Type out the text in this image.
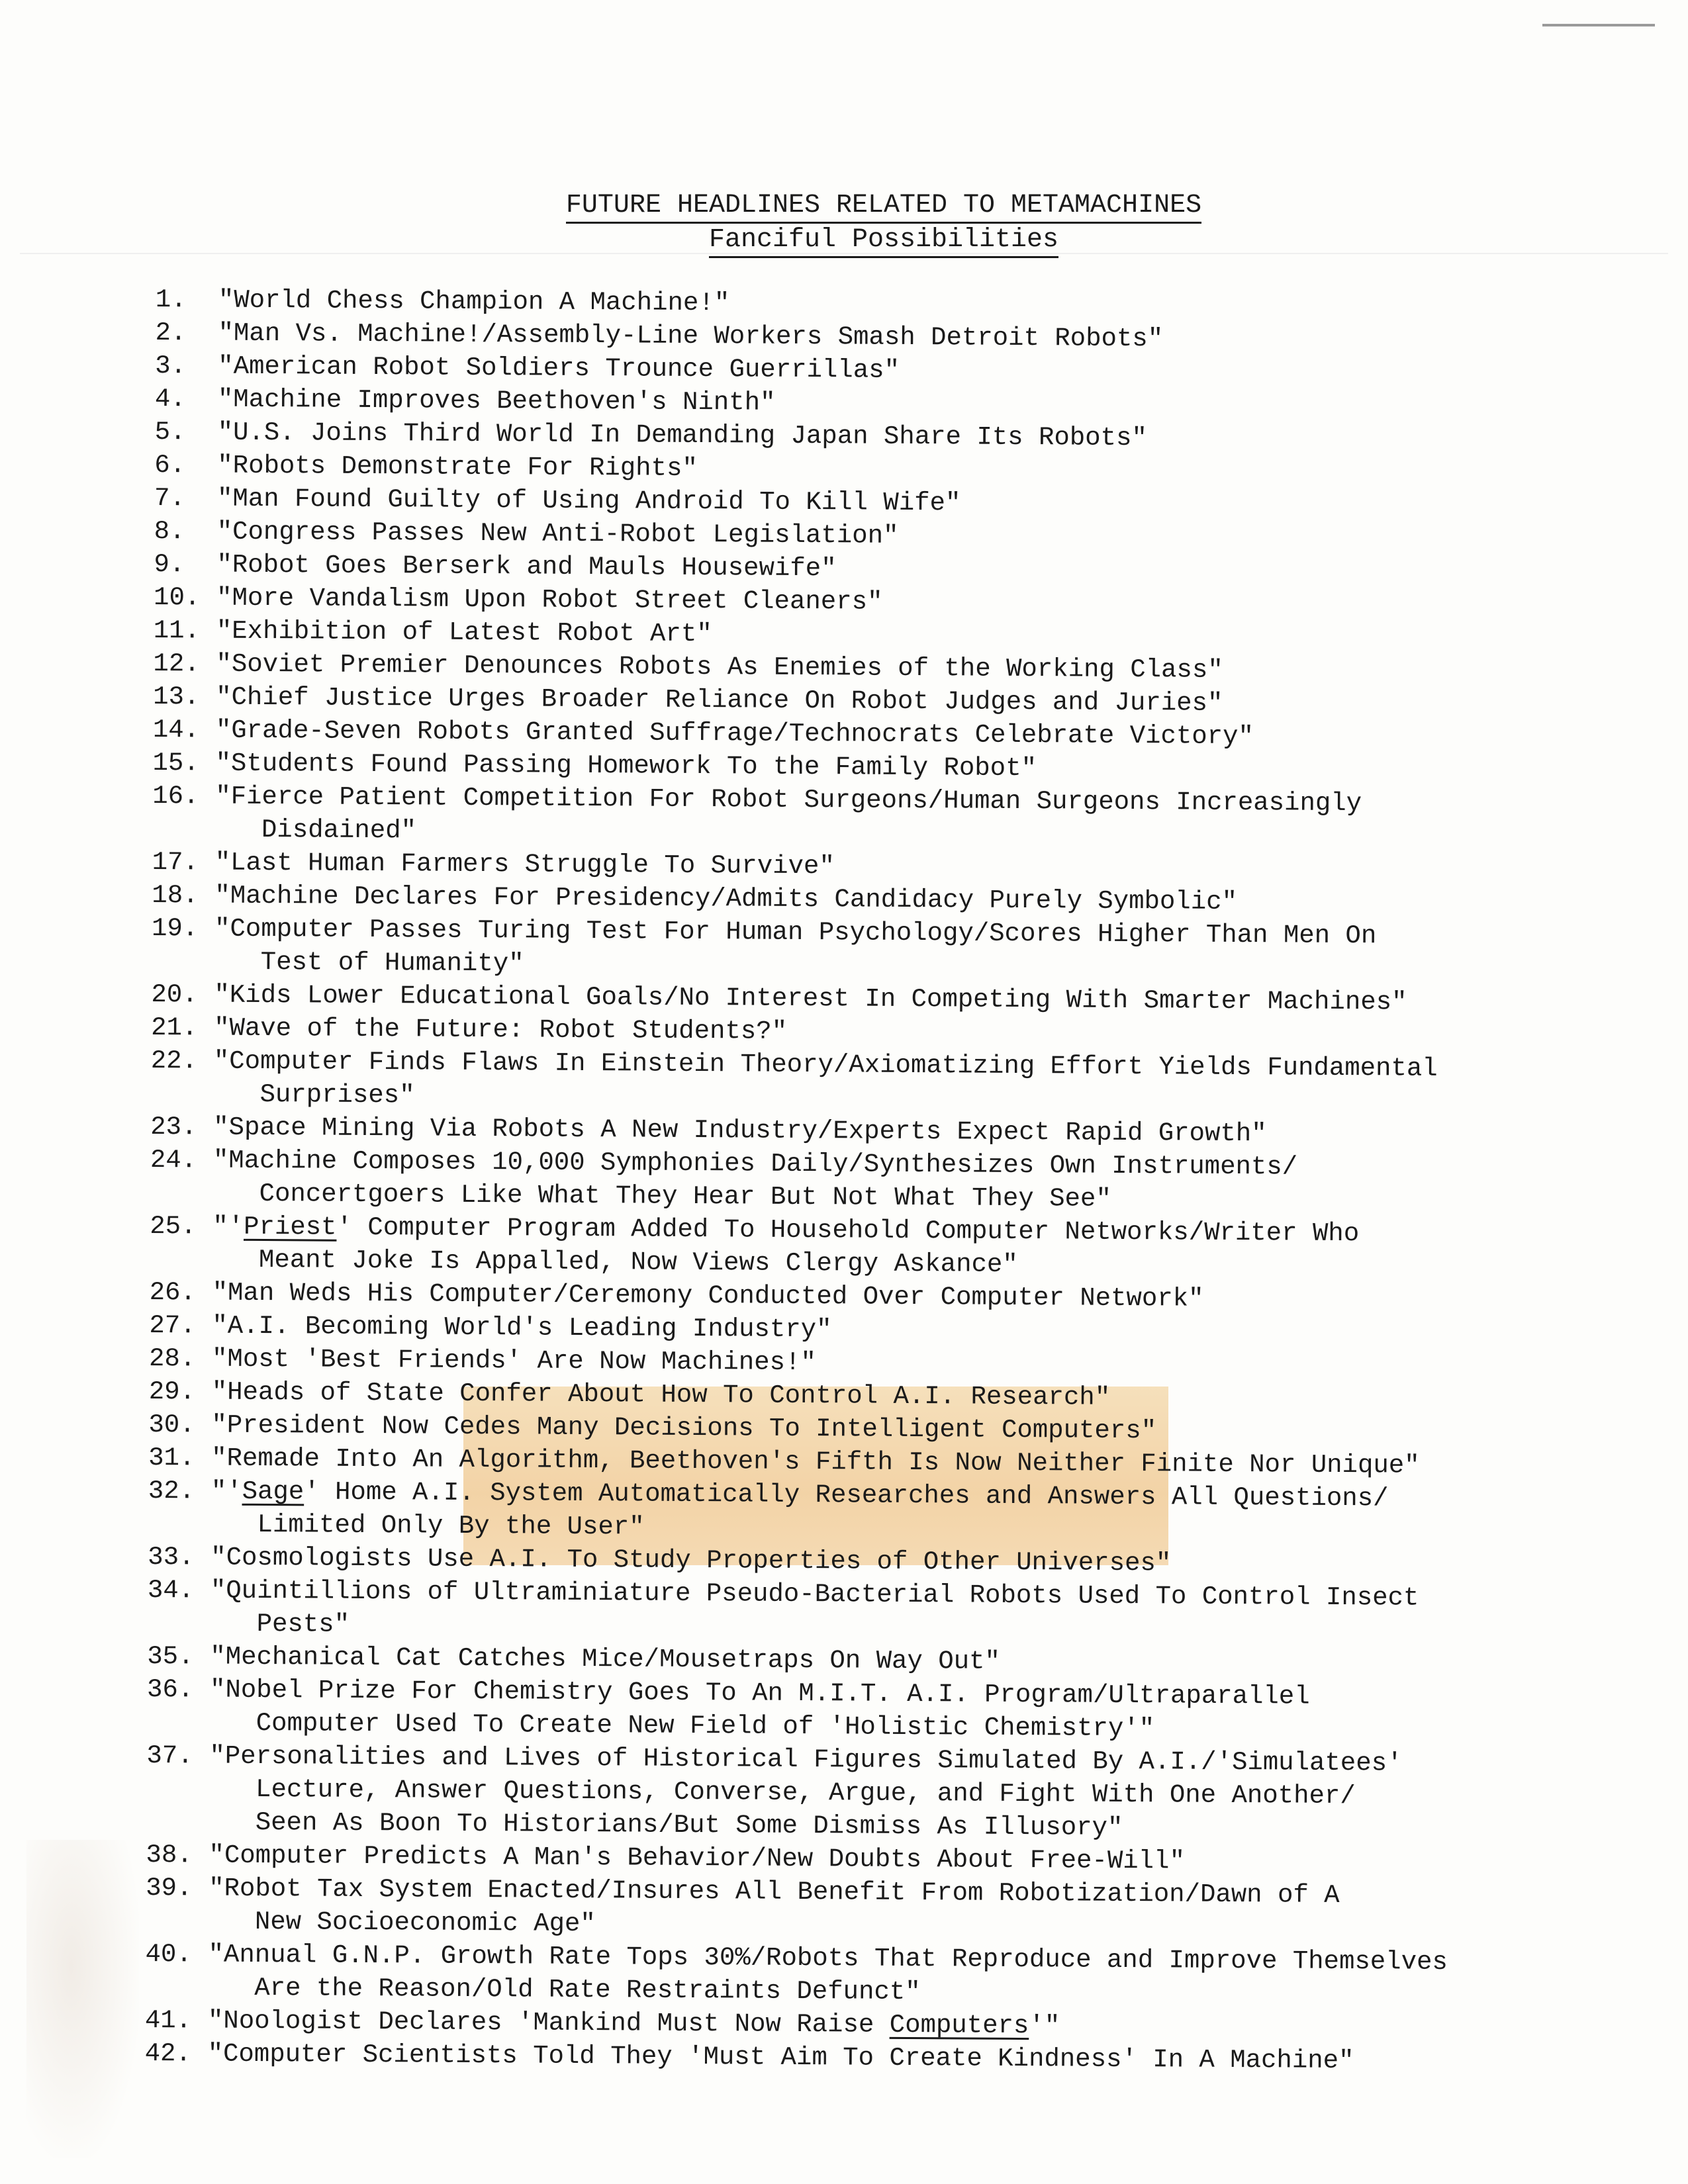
FUTURE HEADLINES RELATED TO METAMACHINES
Fanciful Possibilities
1.	"World Chess Champion A Machine!"
2.	"Man Vs. Machine!/Assembly-Line Workers Smash Detroit Robots"
3.	"American Robot Soldiers Trounce Guerrillas"
4.	"Machine Improves Beethoven's Ninth"
5.	"U.S. Joins Third World In Demanding Japan Share Its Robots"
6.	"Robots Demonstrate For Rights"
7.	"Man Found Guilty of Using Android To Kill Wife"
8.	"Congress Passes New Anti-Robot Legislation"
9.	"Robot Goes Berserk and Mauls Housewife"
10. "More Vandalism Upon Robot Street Cleaners"
11. "Exhibition of Latest Robot Art"
12. "Soviet Premier Denounces Robots As Enemies of the Working Class"
13. "Chief Justice Urges Broader Reliance On Robot Judges and Juries"
14. "Grade-Seven Robots Granted Suffrage/Technocrats Celebrate Victory"
15. "Students Found Passing Homework To the Family Robot"
16. "Fierce Patient Competition For Robot Surgeons/Human Surgeons Increasingly
Disdained"
17. "Last Human Farmers Struggle To Survive"
18. "Machine Declares For Presidency/Admits Candidacy Purely Symbolic"
19. "Computer Passes Turing Test For Human Psychology/Scores Higher Than Men On
Test of Humanity"
20. "Kids Lower Educational Goals/No Interest In Competing With Smarter Machines"
21. "Wave of the Future: Robot Students?"
22. "Computer Finds Flaws In Einstein Theory/Axiomatizing Effort Yields Fundamental
Surprises"
23. "Space Mining Via Robots A New Industry/Experts Expect Rapid Growth"
24. "Machine Composes 10,000 Symphonies Daily/Synthesizes Own Instruments/
Concertgoers Like What They Hear But Not What They See"
25. "'Priest' Computer Program Added To Household Computer Networks/Writer Who
Meant Joke Is Appalled, Now Views Clergy Askance"
26. "Man Weds His Computer/Ceremony Conducted Over Computer Network"
27. "A.I. Becoming World's Leading Industry"
28. "Most 'Best Friends' Are Now Machines!"
29. "Heads of State Confer About How To Control A.I. Research"
30. "President Now Cedes Many Decisions To Intelligent Computers"
31. "Remade Into An Algorithm, Beethoven's Fifth Is Now Neither Finite Nor Unique"
32. "'Sage' Home A.I. System Automatically Researches and Answers All Questions/
Limited Only By the User"
33. "Cosmologists Use A.I. To Study Properties of Other Universes"
34. "Quintillions of Ultraminiature Pseudo-Bacterial Robots Used To Control Insect
Pests"
35. "Mechanical Cat Catches Mice/Mousetraps On Way Out"
36. "Nobel Prize For Chemistry Goes To An M.I.T. A.I. Program/Ultraparallel
Computer Used To Create New Field of 'Holistic Chemistry'"
37. "Personalities and Lives of Historical Figures Simulated By A.I./'Simulatees'
Lecture, Answer Questions, Converse, Argue, and Fight With One Another/
Seen As Boon To Historians/But Some Dismiss As Illusory"
38. "Computer Predicts A Man's Behavior/New Doubts About Free-Will"
39. "Robot Tax System Enacted/Insures All Benefit From Robotization/Dawn of A
New Socioeconomic Age"
40. "Annual G.N.P. Growth Rate Tops 30%/Robots That Reproduce and Improve Themselves
Are the Reason/Old Rate Restraints Defunct"
41. "Noologist Declares 'Mankind Must Now Raise Computers'"
42. "Computer Scientists Told They 'Must Aim To Create Kindness' In A Machine"
